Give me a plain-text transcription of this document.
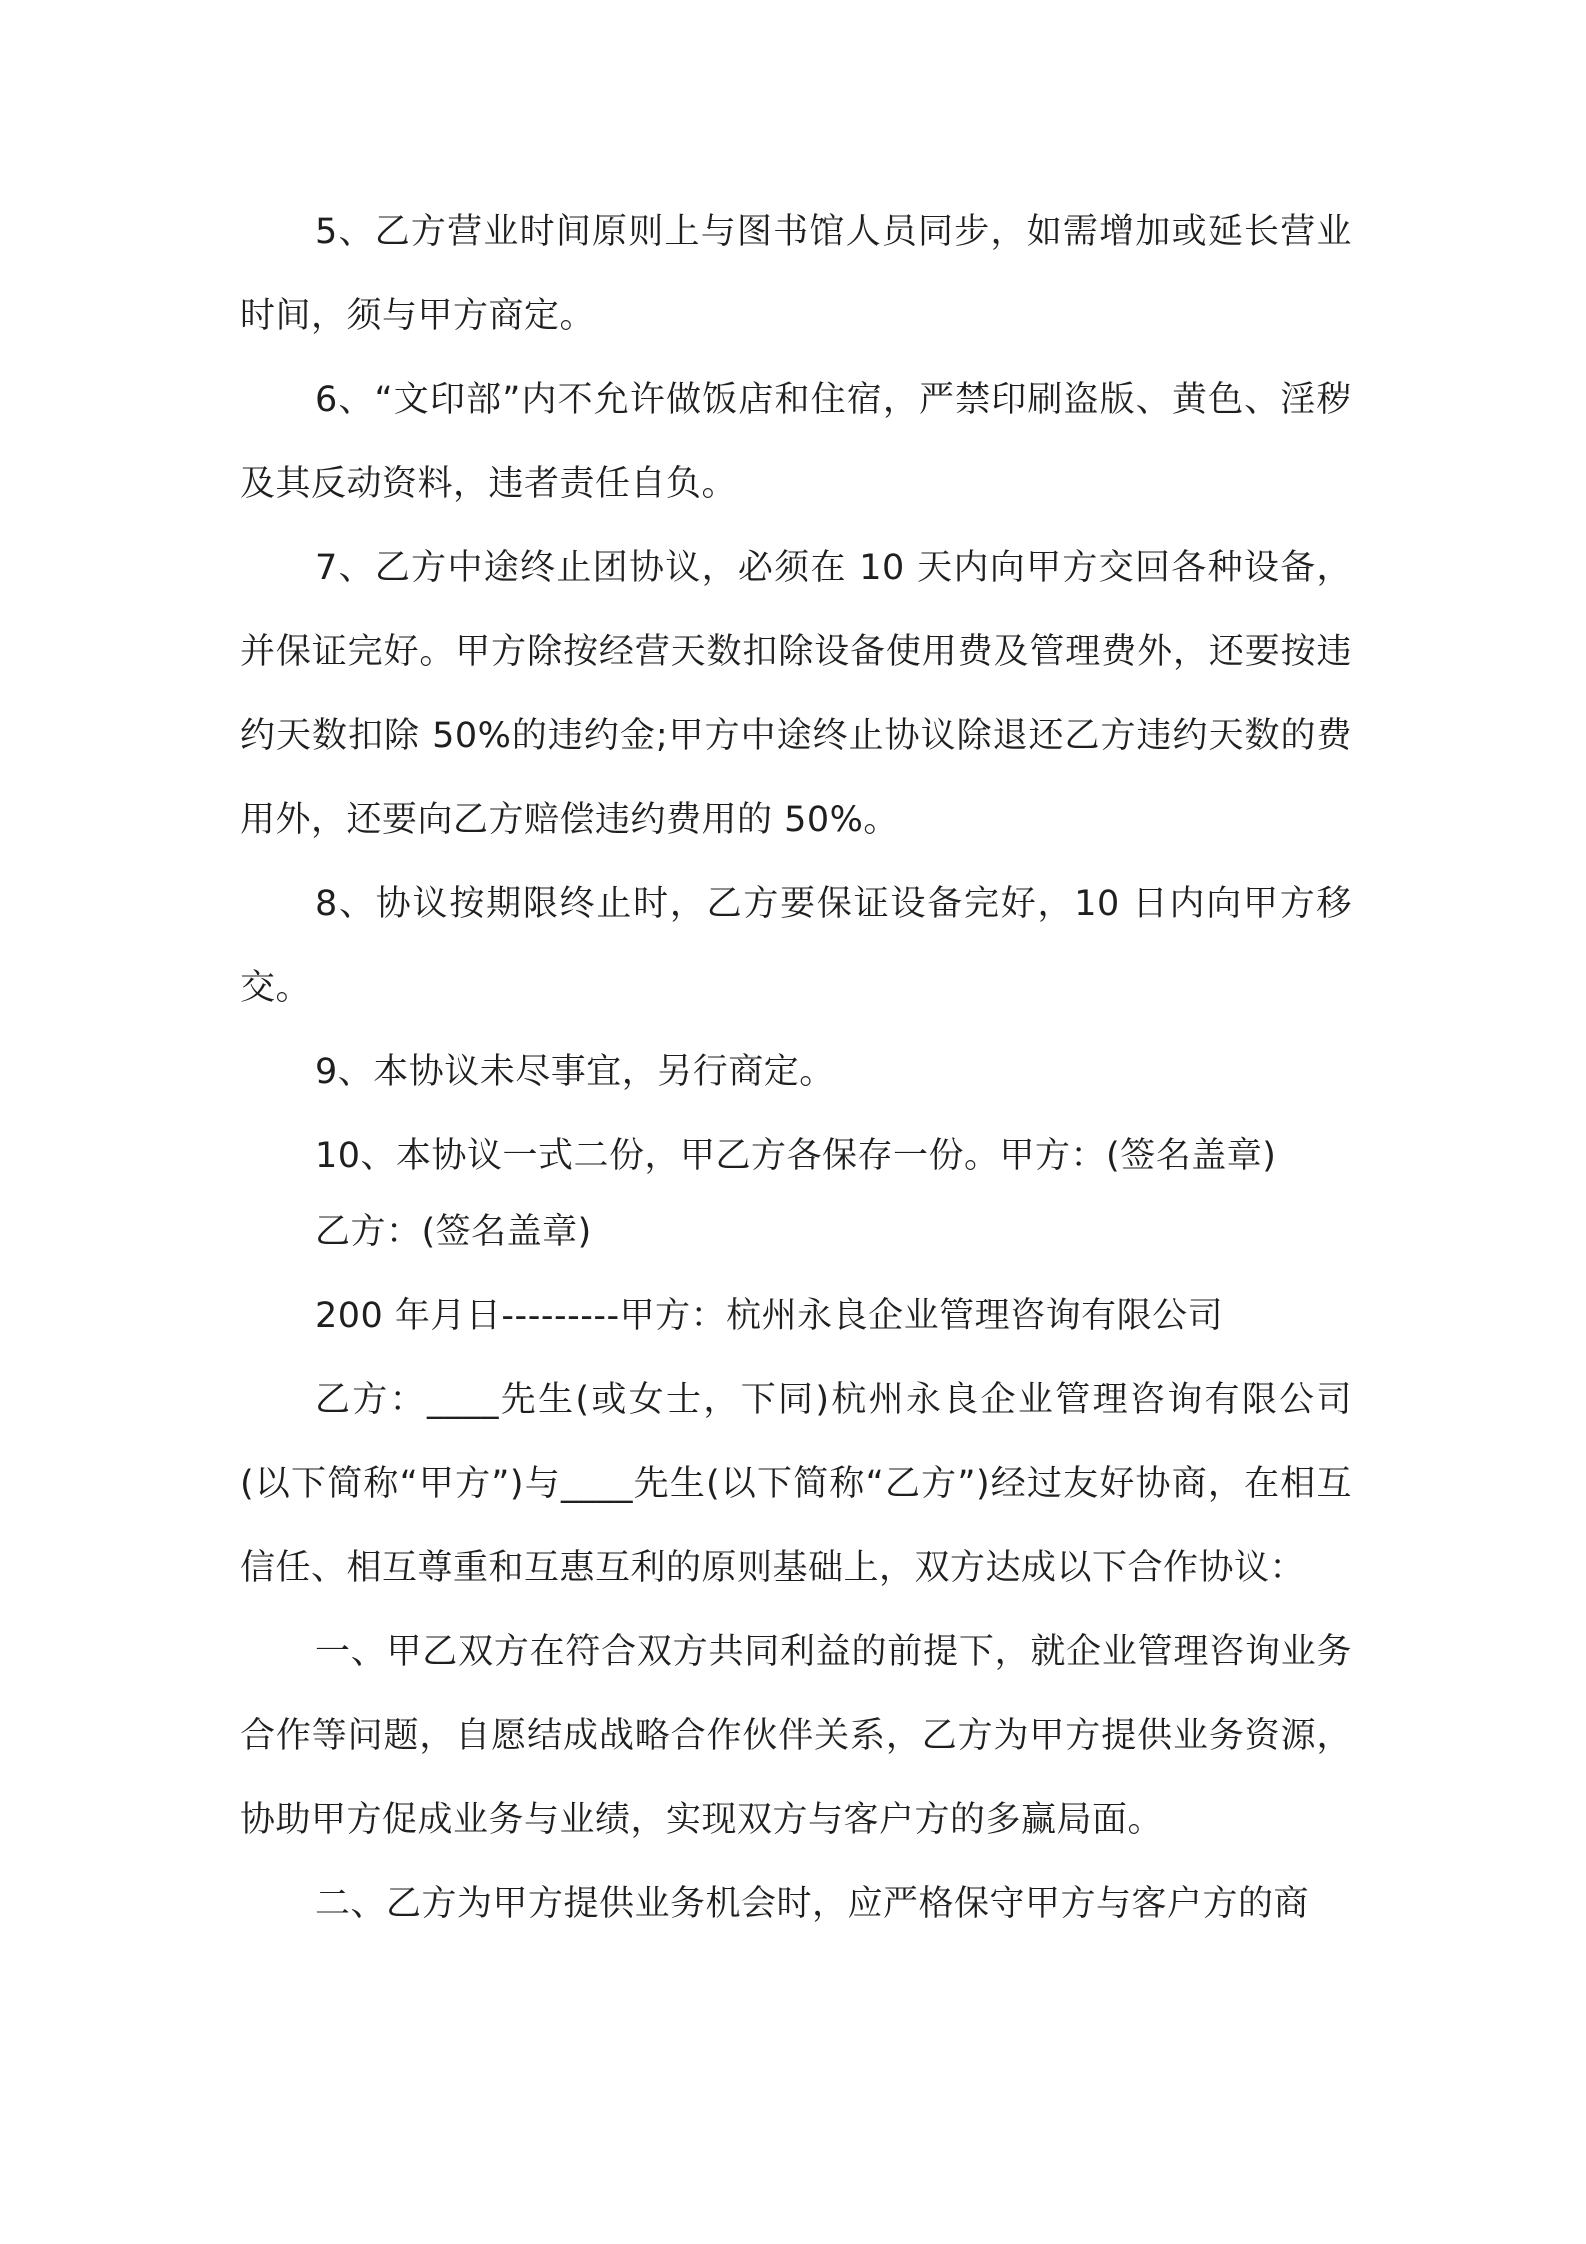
5、乙方营业时间原则上与图书馆人员同步，如需增加或延长营业时间，须与甲方商定。

6、“文印部”内不允许做饭店和住宿，严禁印刷盗版、黄色、淫秽及其反动资料，违者责任自负。

7、乙方中途终止团协议，必须在 10 天内向甲方交回各种设备，并保证完好。甲方除按经营天数扣除设备使用费及管理费外，还要按违约天数扣除 50%的违约金;甲方中途终止协议除退还乙方违约天数的费用外，还要向乙方赔偿违约费用的 50%。

8、协议按期限终止时，乙方要保证设备完好，10 日内向甲方移交。

9、本协议未尽事宜，另行商定。

10、本协议一式二份，甲乙方各保存一份。甲方：(签名盖章)

乙方：(签名盖章)

200 年月日---------甲方：杭州永良企业管理咨询有限公司

乙方：____先生(或女士，下同)杭州永良企业管理咨询有限公司(以下简称“甲方”)与____先生(以下简称“乙方”)经过友好协商，在相互信任、相互尊重和互惠互利的原则基础上，双方达成以下合作协议：

一、甲乙双方在符合双方共同利益的前提下，就企业管理咨询业务合作等问题，自愿结成战略合作伙伴关系，乙方为甲方提供业务资源，协助甲方促成业务与业绩，实现双方与客户方的多赢局面。

二、乙方为甲方提供业务机会时，应严格保守甲方与客户方的商
